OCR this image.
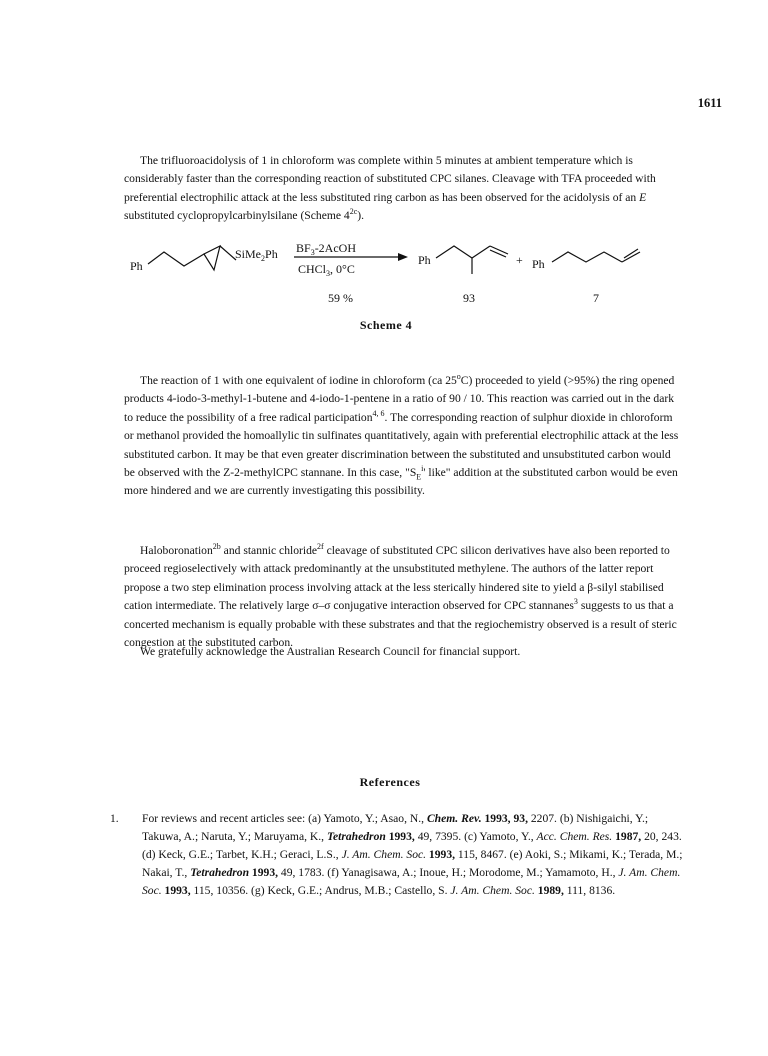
1611

The trifluoroacidolysis of 1 in chloroform was complete within 5 minutes at ambient temperature which is considerably faster than the corresponding reaction of substituted CPC silanes. Cleavage with TFA proceeded with preferential electrophilic attack at the less substituted ring carbon as has been observed for the acidolysis of an E substituted cyclopropylcarbinylsilane (Scheme $4^{2c}$).

Ph
SiMe$_2$Ph $BF_3-2AcOH$
CHCl$_3$, 0°C
Ph	+ Ph
59 %	93	7
Scheme 4

The reaction of 1 with one equivalent of iodine in chloroform (ca 25$^o$C) proceeded to yield (>95%) the ring opened products 4-iodo-3-methyl-1-butene and 4-iodo-1-pentene in a ratio of 90 / 10. This reaction was carried out in the dark to reduce the possibility of a free radical participation$^{4, 6}$. The corresponding reaction of sulphur dioxide in chloroform or methanol provided the homoallylic tin sulfinates quantitatively, again with preferential electrophilic attack at the less substituted carbon. It may be that even greater discrimination between the substituted and unsubstituted carbon would be observed with the Z-2-methylCPC stannane. In this case, "$S_E^i'$ like" addition at the substituted carbon would be even more hindered and we are currently investigating this possibility.

Haloboronation$^{2b}$ and stannic chloride$^{2f}$ cleavage of substituted CPC silicon derivatives have also been reported to proceed regioselectively with attack predominantly at the unsubstituted methylene. The authors of the latter report propose a two step elimination process involving attack at the less sterically hindered site to yield a β-silyl stabilised cation intermediate. The relatively large σ–σ conjugative interaction observed for CPC stannanes$^3$ suggests to us that a concerted mechanism is equally probable with these substrates and that the regiochemistry observed is a result of steric congestion at the substituted carbon.

We gratefully acknowledge the Australian Research Council for financial support.

References
1.	For reviews and recent articles see: (a) Yamoto, Y.; Asao, N., Chem. Rev. 1993, 93, 2207. (b) Nishigaichi, Y.; Takuwa, A.; Naruta, Y.; Maruyama, K., Tetrahedron 1993, 49, 7395. (c) Yamoto, Y., Acc. Chem. Res. 1987, 20, 243. (d) Keck, G.E.; Tarbet, K.H.; Geraci, L.S., J. Am. Chem. Soc. 1993, 115, 8467. (e) Aoki, S.; Mikami, K.; Terada, M.; Nakai, T., Tetrahedron 1993, 49, 1783. (f) Yanagisawa, A.; Inoue, H.; Morodome, M.; Yamamoto, H., J. Am. Chem. Soc. 1993, 115, 10356. (g) Keck, G.E.; Andrus, M.B.; Castello, S. J. Am. Chem. Soc. 1989, 111, 8136.
